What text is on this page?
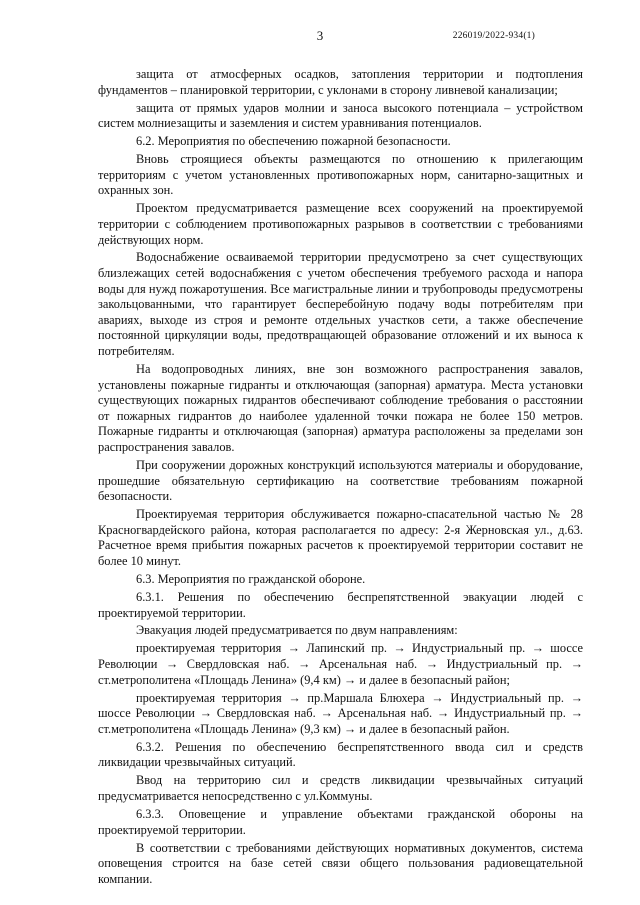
3	226019/2022-934(1)

защита от атмосферных осадков, затопления территории и подтопления фундаментов – планировкой территории, с уклонами в сторону ливневой канализации;

защита от прямых ударов молнии и заноса высокого потенциала – устройством систем молниезащиты и заземления и систем уравнивания потенциалов.

6.2. Мероприятия по обеспечению пожарной безопасности.

Вновь строящиеся объекты размещаются по отношению к прилегающим территориям с учетом установленных противопожарных норм, санитарно-защитных и охранных зон.

Проектом предусматривается размещение всех сооружений на проектируемой территории с соблюдением противопожарных разрывов в соответствии с требованиями действующих норм.

Водоснабжение осваиваемой территории предусмотрено за счет существующих близлежащих сетей водоснабжения с учетом обеспечения требуемого расхода и напора воды для нужд пожаротушения. Все магистральные линии и трубопроводы предусмотрены закольцованными, что гарантирует бесперебойную подачу воды потребителям при авариях, выходе из строя и ремонте отдельных участков сети, а также обеспечение постоянной циркуляции воды, предотвращающей образование отложений и их выноса к потребителям.

На водопроводных линиях, вне зон возможного распространения завалов, установлены пожарные гидранты и отключающая (запорная) арматура. Места установки существующих пожарных гидрантов обеспечивают соблюдение требования о расстоянии от пожарных гидрантов до наиболее удаленной точки пожара не более 150 метров. Пожарные гидранты и отключающая (запорная) арматура расположены за пределами зон распространения завалов.

При сооружении дорожных конструкций используются материалы и оборудование, прошедшие обязательную сертификацию на соответствие требованиям пожарной безопасности.

Проектируемая территория обслуживается пожарно-спасательной частью № 28 Красногвардейского района, которая располагается по адресу: 2-я Жерновская ул., д.63. Расчетное время прибытия пожарных расчетов к проектируемой территории составит не более 10 минут.

6.3. Мероприятия по гражданской обороне.

6.3.1. Решения по обеспечению беспрепятственной эвакуации людей с проектируемой территории.

Эвакуация людей предусматривается по двум направлениям:

проектируемая территория → Лапинский пр. → Индустриальный пр. → шоссе Революции → Свердловская наб. → Арсенальная наб. → Индустриальный пр. → ст.метрополитена «Площадь Ленина» (9,4 км) → и далее в безопасный район;

проектируемая территория → пр.Маршала Блюхера → Индустриальный пр. → шоссе Революции → Свердловская наб. → Арсенальная наб. → Индустриальный пр. → ст.метрополитена «Площадь Ленина» (9,3 км) → и далее в безопасный район.

6.3.2. Решения по обеспечению беспрепятственного ввода сил и средств ликвидации чрезвычайных ситуаций.

Ввод на территорию сил и средств ликвидации чрезвычайных ситуаций предусматривается непосредственно с ул.Коммуны.

6.3.3. Оповещение и управление объектами гражданской обороны на проектируемой территории.

В соответствии с требованиями действующих нормативных документов, система оповещения строится на базе сетей связи общего пользования радиовещательной компании.
